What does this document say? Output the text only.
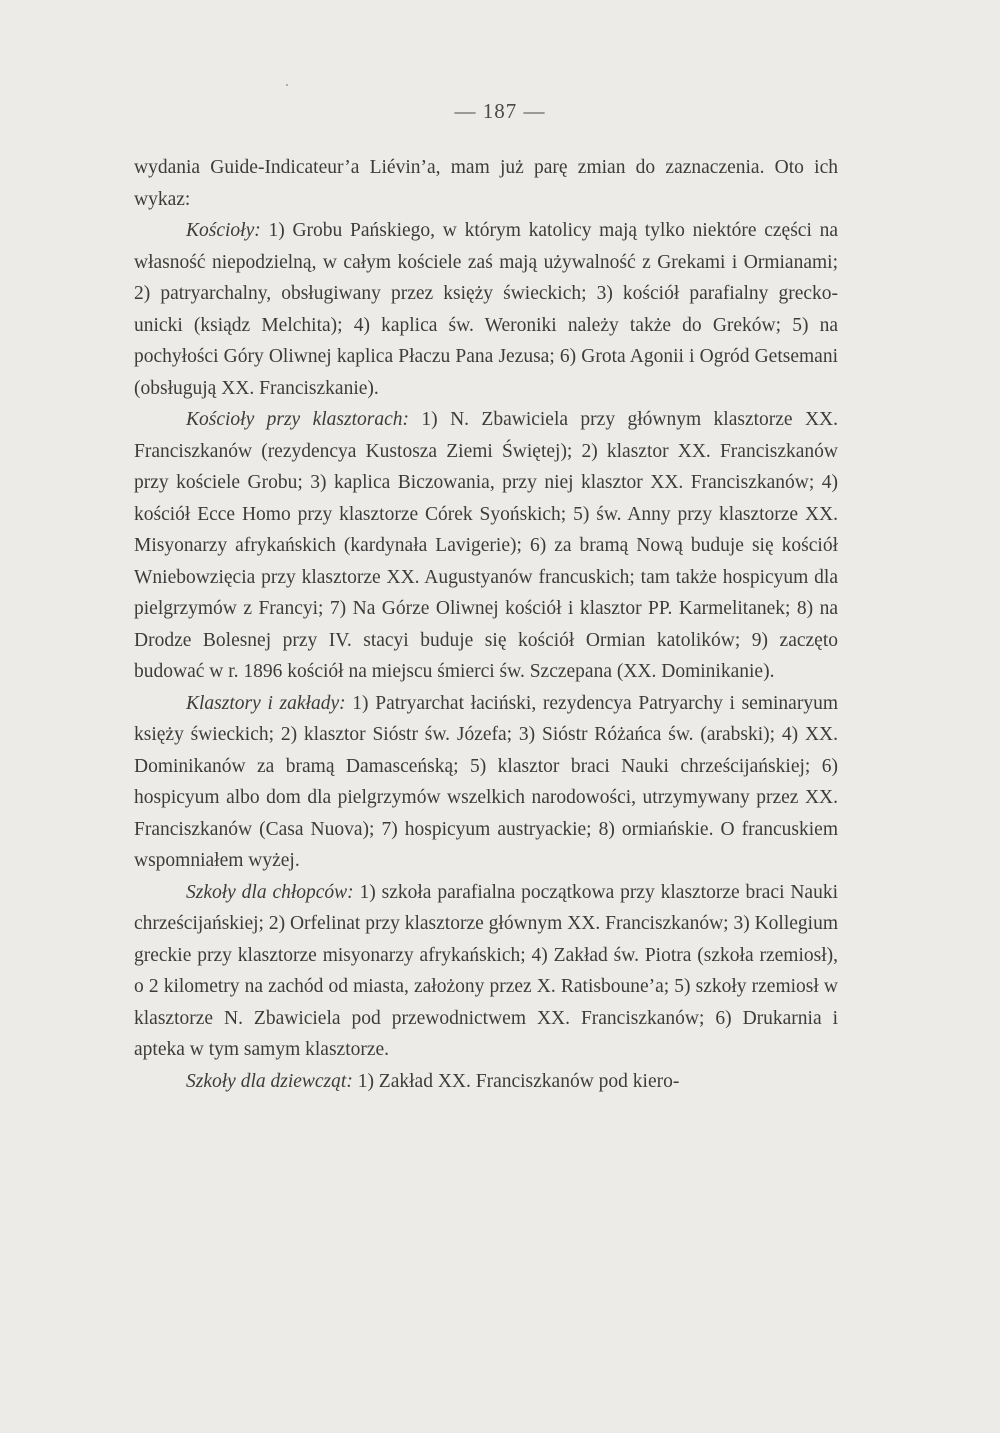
— 187 —

wydania Guide-Indicateur’a Liévin’a, mam już parę zmian do zaznaczenia. Oto ich wykaz:

Kościoły: 1) Grobu Pańskiego, w którym katolicy mają tylko niektóre części na własność niepodzielną, w całym kościele zaś mają używalność z Grekami i Ormianami; 2) patryarchalny, obsługiwany przez księży świeckich; 3) kościół parafialny grecko-unicki (ksiądz Melchita); 4) kaplica św. Weroniki należy także do Greków; 5) na pochyłości Góry Oliwnej kaplica Płaczu Pana Jezusa; 6) Grota Agonii i Ogród Getsemani (obsługują XX. Franciszkanie).

Kościoły przy klasztorach: 1) N. Zbawiciela przy głównym klasztorze XX. Franciszkanów (rezydencya Kustosza Ziemi Świętej); 2) klasztor XX. Franciszkanów przy kościele Grobu; 3) kaplica Biczowania, przy niej klasztor XX. Franciszkanów; 4) kościół Ecce Homo przy klasztorze Córek Syońskich; 5) św. Anny przy klasztorze XX. Misyonarzy afrykańskich (kardynała Lavigerie); 6) za bramą Nową buduje się kościół Wniebowzięcia przy klasztorze XX. Augustyanów francuskich; tam także hospicyum dla pielgrzymów z Francyi; 7) Na Górze Oliwnej kościół i klasztor PP. Karmelitanek; 8) na Drodze Bolesnej przy IV. stacyi buduje się kościół Ormian katolików; 9) zaczęto budować w r. 1896 kościół na miejscu śmierci św. Szczepana (XX. Dominikanie).

Klasztory i zakłady: 1) Patryarchat łaciński, rezydencya Patryarchy i seminaryum księży świeckich; 2) klasztor Sióstr św. Józefa; 3) Sióstr Różańca św. (arabski); 4) XX. Dominikanów za bramą Damasceńską; 5) klasztor braci Nauki chrześcijańskiej; 6) hospicyum albo dom dla pielgrzymów wszelkich narodowości, utrzymywany przez XX. Franciszkanów (Casa Nuova); 7) hospicyum austryackie; 8) ormiańskie. O francuskiem wspomniałem wyżej.

Szkoły dla chłopców: 1) szkoła parafialna początkowa przy klasztorze braci Nauki chrześcijańskiej; 2) Orfelinat przy klasztorze głównym XX. Franciszkanów; 3) Kollegium greckie przy klasztorze misyonarzy afrykańskich; 4) Zakład św. Piotra (szkoła rzemiosł), o 2 kilometry na zachód od miasta, założony przez X. Ratisboune’a; 5) szkoły rzemiosł w klasztorze N. Zbawiciela pod przewodnictwem XX. Franciszkanów; 6) Drukarnia i apteka w tym samym klasztorze.

Szkoły dla dziewcząt: 1) Zakład XX. Franciszkanów pod kiero-
